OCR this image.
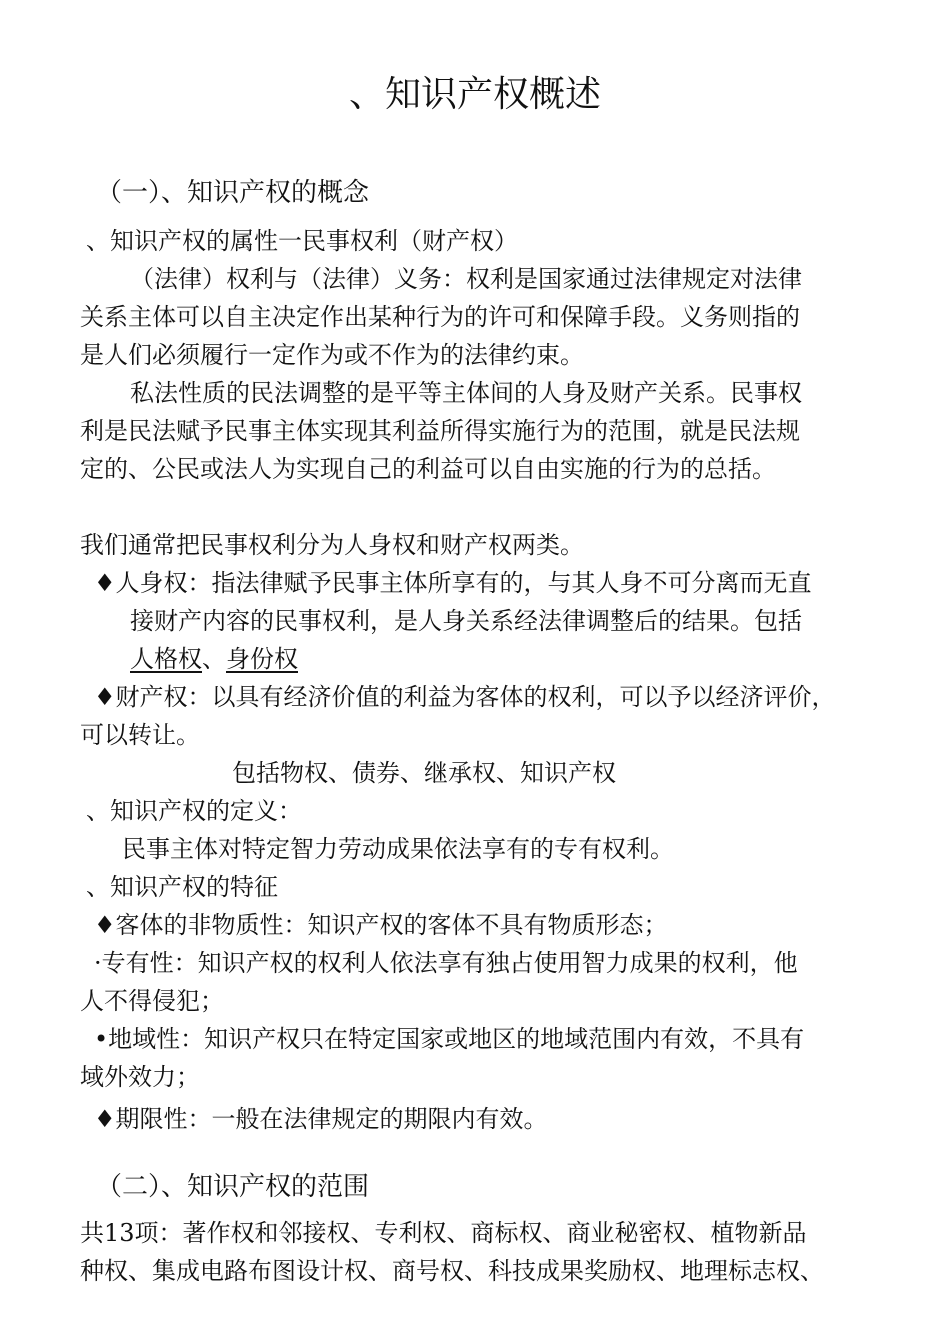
、知识产权概述
（一）、知识产权的概念
、知识产权的属性一民事权利（财产权）
（法律）权利与（法律）义务：权利是国家通过法律规定对法律
关系主体可以自主决定作出某种行为的许可和保障手段。义务则指的
是人们必须履行一定作为或不作为的法律约束。
私法性质的民法调整的是平等主体间的人身及财产关系。民事权
利是民法赋予民事主体实现其利益所得实施行为的范围，就是民法规
定的、公民或法人为实现自己的利益可以自由实施的行为的总括。
我们通常把民事权利分为人身权和财产权两类。
♦人身权：指法律赋予民事主体所享有的，与其人身不可分离而无直
接财产内容的民事权利，是人身关系经法律调整后的结果。包括
人格权、身份权
♦财产权：以具有经济价值的利益为客体的权利，可以予以经济评价，
可以转让。
包括物权、债券、继承权、知识产权
、知识产权的定义：
民事主体对特定智力劳动成果依法享有的专有权利。
、知识产权的特征
♦客体的非物质性：知识产权的客体不具有物质形态；
·专有性：知识产权的权利人依法享有独占使用智力成果的权利，他
人不得侵犯；
•地域性：知识产权只在特定国家或地区的地域范围内有效，不具有
域外效力；
♦期限性：一般在法律规定的期限内有效。
（二）、知识产权的范围
共13项：著作权和邻接权、专利权、商标权、商业秘密权、植物新品
种权、集成电路布图设计权、商号权、科技成果奖励权、地理标志权、
